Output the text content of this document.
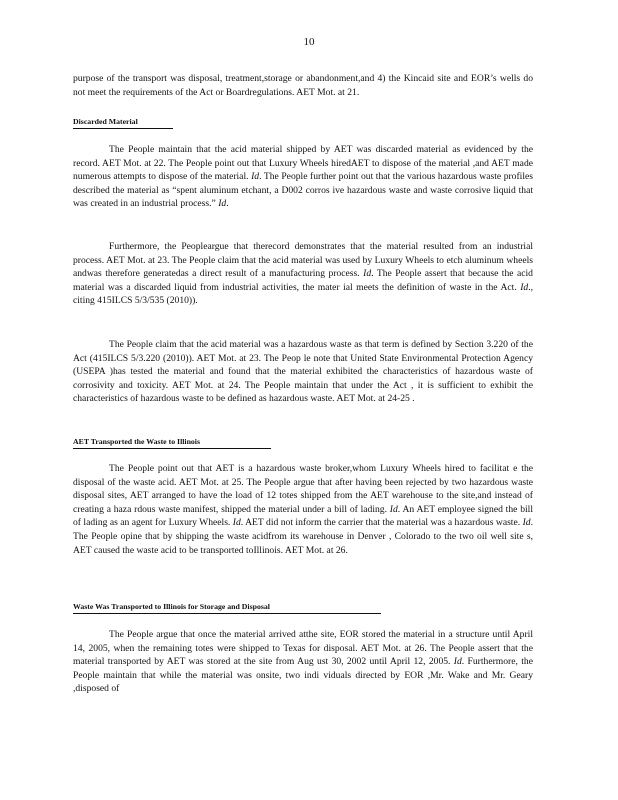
10
purpose of the transport was disposal, treatment,storage or abandonment,and 4) the Kincaid site and EOR’s wells do not meet the requirements of the Act or Boardregulations. AET Mot. at 21.
Discarded Material
The People maintain that the acid material shipped by AET was discarded material as evidenced by the record. AET Mot. at 22. The People point out that Luxury Wheels hiredAET to dispose of the material ,and AET made numerous attempts to dispose of the material. Id. The People further point out that the various hazardous waste profiles described the material as “spent aluminum etchant, a D002 corros ive hazardous waste and waste corrosive liquid that was created in an industrial process.” Id.
Furthermore, the Peopleargue that therecord demonstrates that the material resulted from an industrial process. AET Mot. at 23. The People claim that the acid material was used by Luxury Wheels to etch aluminum wheels andwas therefore generatedas a direct result of a manufacturing process. Id. The People assert that because the acid material was a discarded liquid from industrial activities, the mater ial meets the definition of waste in the Act. Id., citing 415ILCS 5/3/535 (2010)).
The People claim that the acid material was a hazardous waste as that term is defined by Section 3.220 of the Act (415ILCS 5/3.220 (2010)). AET Mot. at 23. The Peop le note that United State Environmental Protection Agency (USEPA )has tested the material and found that the material exhibited the characteristics of hazardous waste of corrosivity and toxicity. AET Mot. at 24. The People maintain that under the Act , it is sufficient to exhibit the characteristics of hazardous waste to be defined as hazardous waste. AET Mot. at 24-25 .
AET Transported the Waste to Illinois
The People point out that AET is a hazardous waste broker,whom Luxury Wheels hired to facilitat e the disposal of the waste acid. AET Mot. at 25. The People argue that after having been rejected by two hazardous waste disposal sites, AET arranged to have the load of 12 totes shipped from the AET warehouse to the site,and instead of creating a haza rdous waste manifest, shipped the material under a bill of lading. Id. An AET employee signed the bill of lading as an agent for Luxury Wheels. Id. AET did not inform the carrier that the material was a hazardous waste. Id. The People opine that by shipping the waste acidfrom its warehouse in Denver , Colorado to the two oil well site s, AET caused the waste acid to be transported toIllinois. AET Mot. at 26.
Waste Was Transported to Illinois for Storage and Disposal
The People argue that once the material arrived atthe site, EOR stored the material in a structure until April 14, 2005, when the remaining totes were shipped to Texas for disposal. AET Mot. at 26. The People assert that the material transported by AET was stored at the site from Aug ust 30, 2002 until April 12, 2005. Id. Furthermore, the People maintain that while the material was onsite, two indi viduals directed by EOR ,Mr. Wake and Mr. Geary ,disposed of
